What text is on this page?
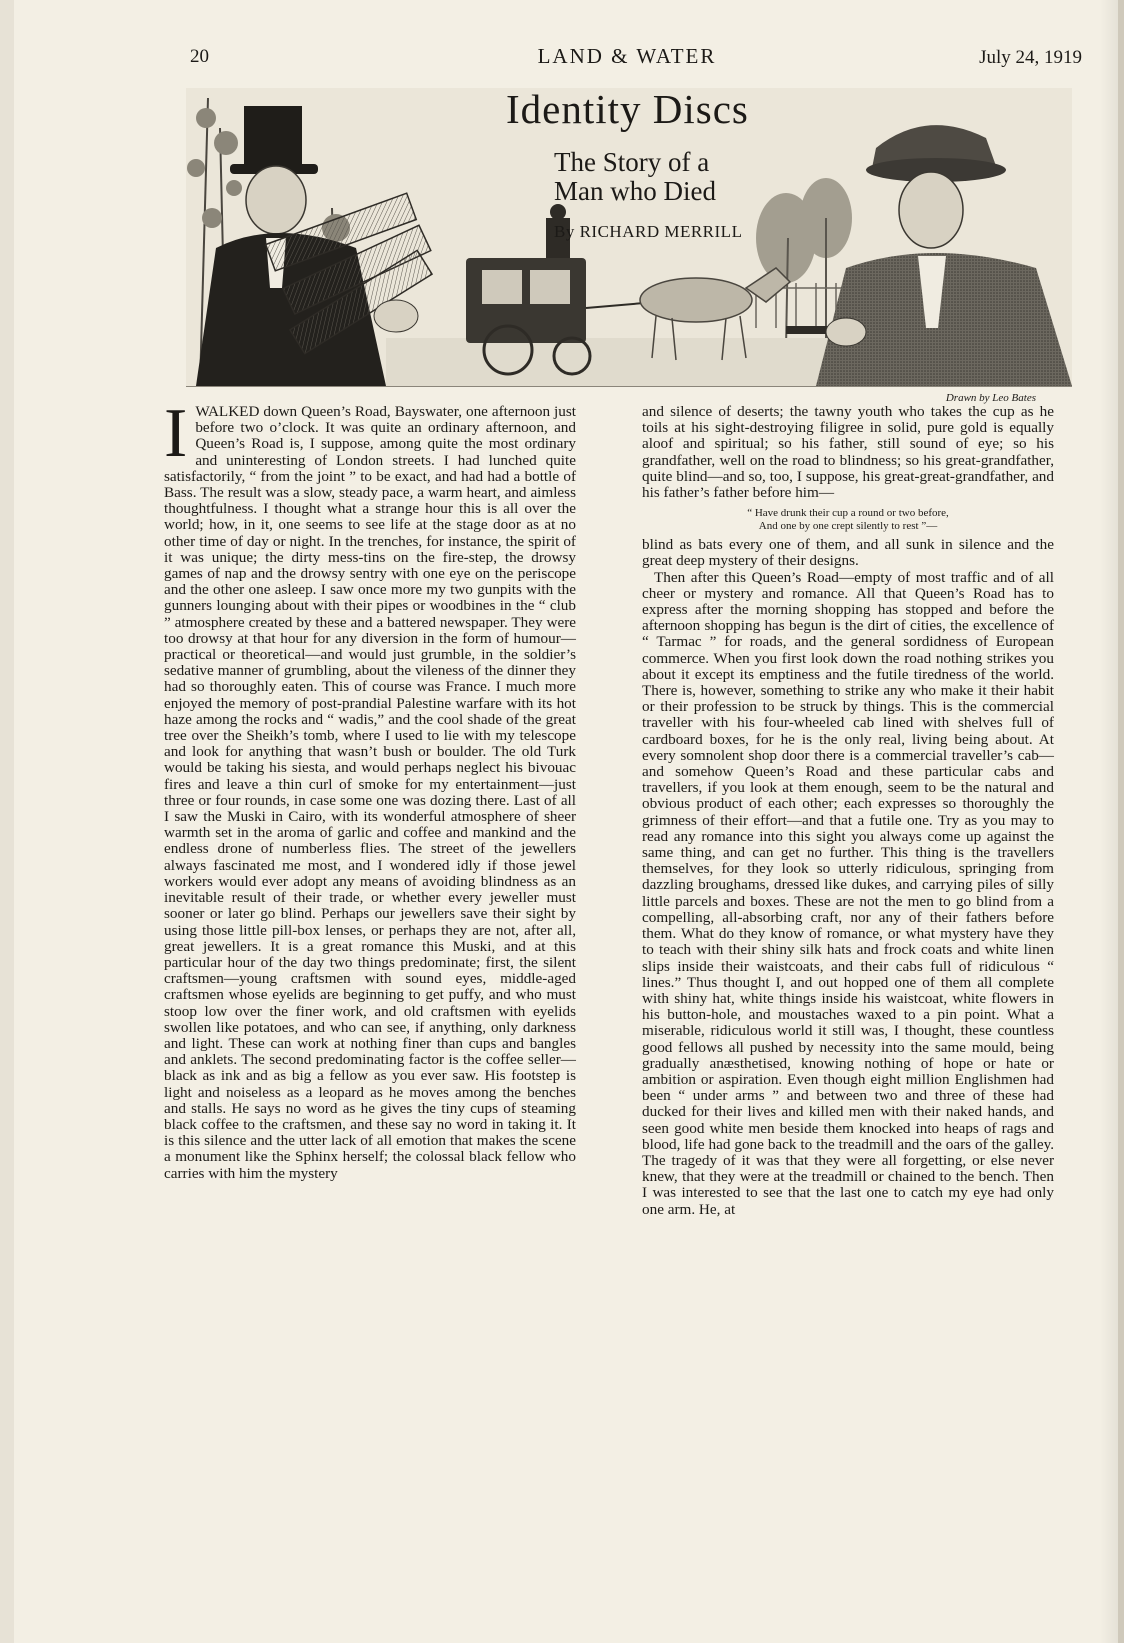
20	LAND & WATER	July 24, 1919
Identity Discs
The Story of a
Man who Died
By RICHARD MERRILL
Drawn by Leo Bates

IWALKED down Queen’s Road, Bayswater, one afternoon just before two o’clock. It was quite an ordinary afternoon, and Queen’s Road is, I suppose, among quite the most ordinary and uninteresting of London streets. I had lunched quite satisfactorily, “ from the joint ” to be exact, and had had a bottle of Bass. The result was a slow, steady pace, a warm heart, and aimless thoughtfulness. I thought what a strange hour this is all over the world; how, in it, one seems to see life at the stage door as at no other time of day or night. In the trenches, for instance, the spirit of it was unique; the dirty mess-tins on the fire-step, the drowsy games of nap and the drowsy sentry with one eye on the periscope and the other one asleep. I saw once more my two gunpits with the gunners lounging about with their pipes or woodbines in the “ club ” atmosphere created by these and a battered newspaper. They were too drowsy at that hour for any diversion in the form of humour—practical or theoretical—and would just grumble, in the soldier’s sedative manner of grumbling, about the vileness of the dinner they had so thoroughly eaten. This of course was France. I much more enjoyed the memory of post-prandial Palestine warfare with its hot haze among the rocks and “ wadis,” and the cool shade of the great tree over the Sheikh’s tomb, where I used to lie with my telescope and look for anything that wasn’t bush or boulder. The old Turk would be taking his siesta, and would perhaps neglect his bivouac fires and leave a thin curl of smoke for my entertainment—just three or four rounds, in case some one was dozing there. Last of all I saw the Muski in Cairo, with its wonderful atmosphere of sheer warmth set in the aroma of garlic and coffee and mankind and the endless drone of numberless flies. The street of the jewellers always fascinated me most, and I wondered idly if those jewel workers would ever adopt any means of avoiding blindness as an inevitable result of their trade, or whether every jeweller must sooner or later go blind. Perhaps our jewellers save their sight by using those little pill-box lenses, or perhaps they are not, after all, great jewellers. It is a great romance this Muski, and at this particular hour of the day two things predominate; first, the silent craftsmen—young craftsmen with sound eyes, middle-aged craftsmen whose eyelids are beginning to get puffy, and who must stoop low over the finer work, and old craftsmen with eyelids swollen like potatoes, and who can see, if anything, only darkness and light. These can work at nothing finer than cups and bangles and anklets. The second predominating factor is the coffee seller—black as ink and as big a fellow as you ever saw. His footstep is light and noiseless as a leopard as he moves among the benches and stalls. He says no word as he gives the tiny cups of steaming black coffee to the craftsmen, and these say no word in taking it. It is this silence and the utter lack of all emotion that makes the scene a monument like the Sphinx herself; the colossal black fellow who carries with him the mystery

and silence of deserts; the tawny youth who takes the cup as he toils at his sight-destroying filigree in solid, pure gold is equally aloof and spiritual; so his father, still sound of eye; so his grandfather, well on the road to blindness; so his great-grandfather, quite blind—and so, too, I suppose, his great-great-grandfather, and his father’s father before him—

“ Have drunk their cup a round or two before,
And one by one crept silently to rest ”—

blind as bats every one of them, and all sunk in silence and the great deep mystery of their designs.

Then after this Queen’s Road—empty of most traffic and of all cheer or mystery and romance. All that Queen’s Road has to express after the morning shopping has stopped and before the afternoon shopping has begun is the dirt of cities, the excellence of “ Tarmac ” for roads, and the general sordidness of European commerce. When you first look down the road nothing strikes you about it except its emptiness and the futile tiredness of the world. There is, however, something to strike any who make it their habit or their profession to be struck by things. This is the commercial traveller with his four-wheeled cab lined with shelves full of cardboard boxes, for he is the only real, living being about. At every somnolent shop door there is a commercial traveller’s cab—and somehow Queen’s Road and these particular cabs and travellers, if you look at them enough, seem to be the natural and obvious product of each other; each expresses so thoroughly the grimness of their effort—and that a futile one. Try as you may to read any romance into this sight you always come up against the same thing, and can get no further. This thing is the travellers themselves, for they look so utterly ridiculous, springing from dazzling broughams, dressed like dukes, and carrying piles of silly little parcels and boxes. These are not the men to go blind from a compelling, all-absorbing craft, nor any of their fathers before them. What do they know of romance, or what mystery have they to teach with their shiny silk hats and frock coats and white linen slips inside their waistcoats, and their cabs full of ridiculous “ lines.” Thus thought I, and out hopped one of them all complete with shiny hat, white things inside his waistcoat, white flowers in his button-hole, and moustaches waxed to a pin point. What a miserable, ridiculous world it still was, I thought, these countless good fellows all pushed by necessity into the same mould, being gradually anæsthetised, knowing nothing of hope or hate or ambition or aspiration. Even though eight million Englishmen had been “ under arms ” and between two and three of these had ducked for their lives and killed men with their naked hands, and seen good white men beside them knocked into heaps of rags and blood, life had gone back to the treadmill and the oars of the galley. The tragedy of it was that they were all forgetting, or else never knew, that they were at the treadmill or chained to the bench. Then I was interested to see that the last one to catch my eye had only one arm. He, at
